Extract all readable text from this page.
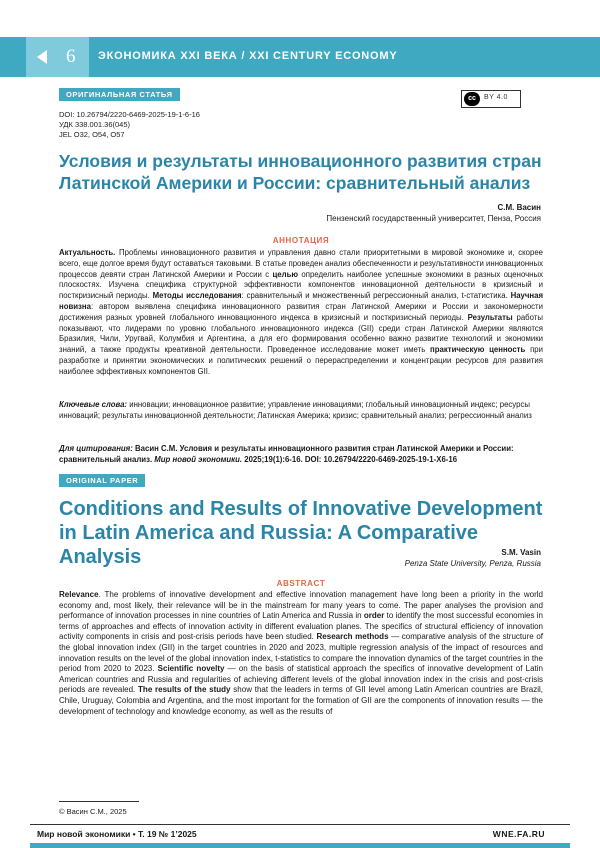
6 ЭКОНОМИКА XXI ВЕКА / XXI CENTURY ECONOMY
ОРИГИНАЛЬНАЯ СТАТЬЯ	cc	BY 4.0
DOI: 10.26794/2220-6469-2025-19-1-6-16
УДК 338.001.36(045)
JEL O32, O54, O57
Условия и результаты инновационного развития стран
Латинской Америки и России: сравнительный анализ
С.М. Васин
Пензенский государственный университет, Пенза, Россия
АННОТАЦИЯ
Актуальность. Проблемы инновационного развития и управления давно стали приоритетными в мировой экономике и, скорее всего, еще долгое время будут оставаться таковыми. В статье проведен анализ обеспеченности и результативности инновационных процессов девяти стран Латинской Америки и России с целью определить наиболее успешные экономики в разных оценочных плоскостях. Изучена специфика структурной эффективности компонентов инновационной деятельности в кризисный и посткризисный периоды. Методы исследования: сравнительный и множественный регрессионный анализ, t-статистика. Научная новизна: автором выявлена специфика инновационного развития стран Латинской Америки и России и закономерности достижения разных уровней глобального инновационного индекса в кризисный и посткризисный периоды. Результаты работы показывают, что лидерами по уровню глобального инновационного индекса (GII) среди стран Латинской Америки являются Бразилия, Чили, Уругвай, Колумбия и Аргентина, а для его формирования особенно важно развитие технологий и экономики знаний, а также продукты креативной деятельности. Проведенное исследование может иметь практическую ценность при разработке и принятии экономических и политических решений о перераспределении и концентрации ресурсов для развития наиболее эффективных компонентов GII.
Ключевые слова: инновации; инновационное развитие; управление инновациями; глобальный инновационный индекс; ресурсы инноваций; результаты инновационной деятельности; Латинская Америка; кризис; сравнительный анализ; регрессионный анализ
Для цитирования: Васин С.М. Условия и результаты инновационного развития стран Латинской Америки и России: сравнительный анализ. Мир новой экономики. 2025;19(1):6-16. DOI: 10.26794/2220-6469-2025-19-1-Х6-16
ORIGINAL PAPER
Conditions and Results of Innovative Development
in Latin America and Russia: A Comparative Analysis	S.M. Vasin
Penza State University, Penza, Russia
ABSTRACT
Relevance. The problems of innovative development and effective innovation management have long been a priority in the world economy and, most likely, their relevance will be in the mainstream for many years to come. The paper analyses the provision and performance of innovation processes in nine countries of Latin America and Russia in order to identify the most successful economies in terms of approaches and effects of innovation activity in different evaluation planes. The specifics of structural efficiency of innovation activity components in crisis and post-crisis periods have been studied. Research methods — comparative analysis of the structure of the global innovation index (GII) in the target countries in 2020 and 2023, multiple regression analysis of the impact of resources and innovation results on the level of the global innovation index, t-statistics to compare the innovation dynamics of the target countries in the period from 2020 to 2023. Scientific novelty — on the basis of statistical approach the specifics of innovative development of Latin American countries and Russia and regularities of achieving different levels of the global innovation index in the crisis and post-crisis periods are revealed. The results of the study show that the leaders in terms of GII level among Latin American countries are Brazil, Chile, Uruguay, Colombia and Argentina, and the most important for the formation of GII are the components of innovation results — the development of technology and knowledge economy, as well as the results of
© Васин С.М., 2025
Мир новой экономики • Т. 19 № 1’2025	WNE.FA.RU
